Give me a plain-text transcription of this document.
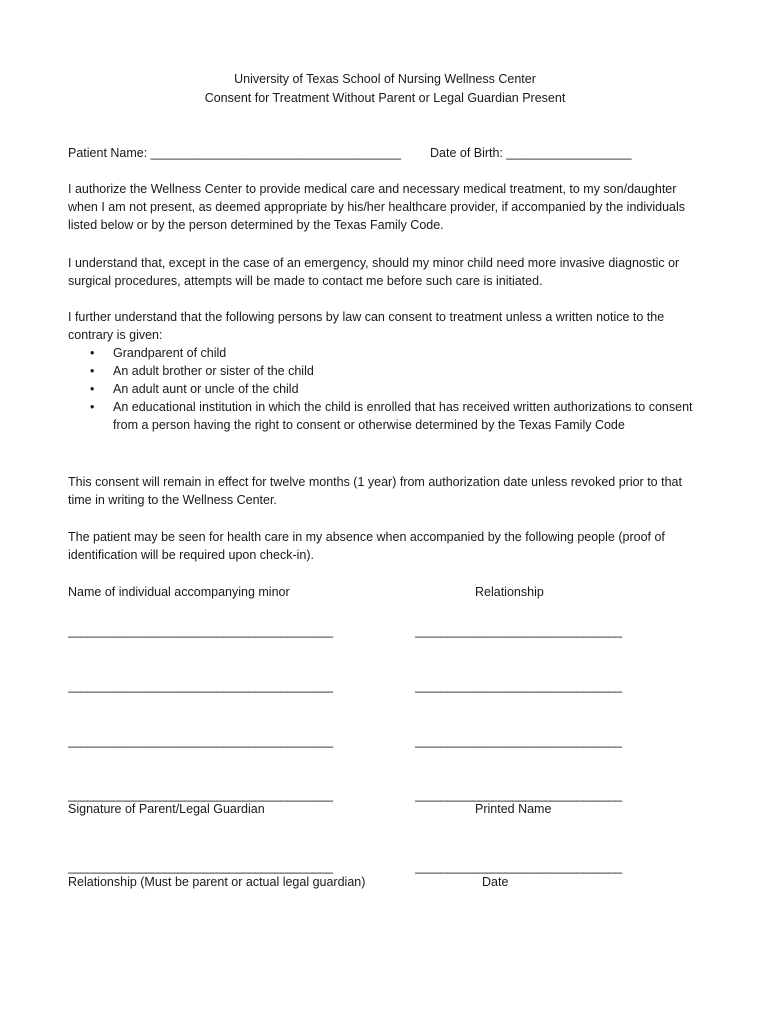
University of Texas School of Nursing Wellness Center
Consent for Treatment Without Parent or Legal Guardian Present
Patient Name: ____________________________________ Date of Birth: __________________
I authorize the Wellness Center to provide medical care and necessary medical treatment, to my son/daughter when I am not present, as deemed appropriate by his/her healthcare provider, if accompanied by the individuals listed below or by the person determined by the Texas Family Code.
I understand that, except in the case of an emergency, should my minor child need more invasive diagnostic or surgical procedures, attempts will be made to contact me before such care is initiated.
I further understand that the following persons by law can consent to treatment unless a written notice to the contrary is given:
• Grandparent of child
• An adult brother or sister of the child
• An adult aunt or uncle of the child
• An educational institution in which the child is enrolled that has received written authorizations to consent from a person having the right to consent or otherwise determined by the Texas Family Code
This consent will remain in effect for twelve months (1 year) from authorization date unless revoked prior to that time in writing to the Wellness Center.
The patient may be seen for health care in my absence when accompanied by the following people (proof of identification will be required upon check-in).
Name of individual accompanying minor	Relationship
_________________________________________	________________________________
_________________________________________	________________________________
_________________________________________	________________________________
_________________________________________	________________________________
Signature of Parent/Legal Guardian	Printed Name
_________________________________________	________________________________
Relationship (Must be parent or actual legal guardian)	Date
